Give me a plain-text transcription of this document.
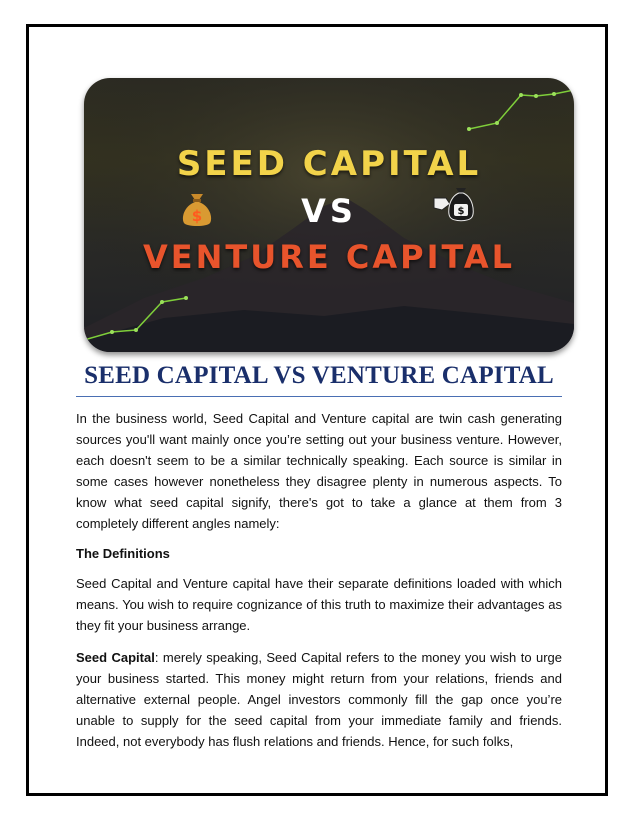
SEED CAPITAL
VS
VENTURE CAPITAL
$	$
SEED CAPITAL VS VENTURE CAPITAL

In the business world, Seed Capital and Venture capital are twin cash generating sources you'll want mainly once you’re setting out your business venture. However, each doesn't seem to be a similar technically speaking. Each source is similar in some cases however nonetheless they disagree plenty in numerous aspects. To know what seed capital signify, there's got to take a glance at them from 3 completely different angles namely:

The Definitions

Seed Capital and Venture capital have their separate definitions loaded with which means. You wish to require cognizance of this truth to maximize their advantages as they fit your business arrange.

Seed Capital: merely speaking, Seed Capital refers to the money you wish to urge your business started. This money might return from your relations, friends and alternative external people. Angel investors commonly fill the gap once you’re unable to supply for the seed capital from your immediate family and friends. Indeed, not everybody has flush relations and friends. Hence, for such folks,
